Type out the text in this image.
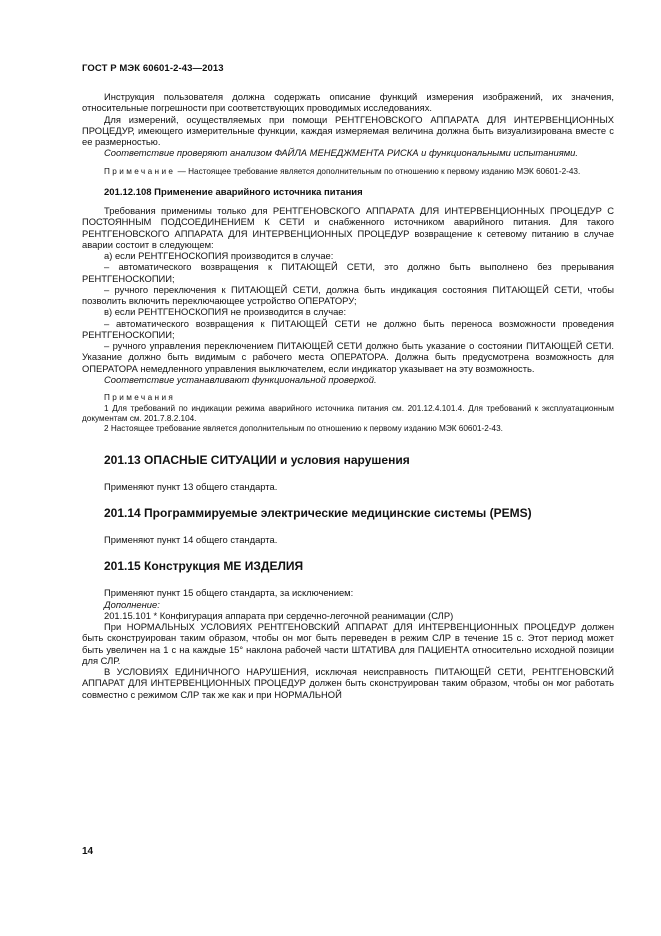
ГОСТ Р МЭК 60601-2-43—2013

Инструкция пользователя должна содержать описание функций измерения изображений, их значения, относительные погрешности при соответствующих проводимых исследованиях.

Для измерений, осуществляемых при помощи РЕНТГЕНОВСКОГО АППАРАТА ДЛЯ ИНТЕРВЕНЦИОННЫХ ПРОЦЕДУР, имеющего измерительные функции, каждая измеряемая величина должна быть визуализирована вместе с ее размерностью.

Соответствие проверяют анализом ФАЙЛА МЕНЕДЖМЕНТА РИСКА и функциональными испытаниями.

Примечание — Настоящее требование является дополнительным по отношению к первому изданию МЭК 60601-2-43.

201.12.108 Применение аварийного источника питания

Требования применимы только для РЕНТГЕНОВСКОГО АППАРАТА ДЛЯ ИНТЕРВЕНЦИОННЫХ ПРОЦЕДУР С ПОСТОЯННЫМ ПОДСОЕДИНЕНИЕМ К СЕТИ и снабженного источником аварийного питания. Для такого РЕНТГЕНОВСКОГО АППАРАТА ДЛЯ ИНТЕРВЕНЦИОННЫХ ПРОЦЕДУР возвращение к сетевому питанию в случае аварии состоит в следующем:

а) если РЕНТГЕНОСКОПИЯ производится в случае:

– автоматического возвращения к ПИТАЮЩЕЙ СЕТИ, это должно быть выполнено без прерывания РЕНТГЕНОСКОПИИ;

– ручного переключения к ПИТАЮЩЕЙ СЕТИ, должна быть индикация состояния ПИТАЮЩЕЙ СЕТИ, чтобы позволить включить переключающее устройство ОПЕРАТОРУ;

в) если РЕНТГЕНОСКОПИЯ не производится в случае:

– автоматического возвращения к ПИТАЮЩЕЙ СЕТИ не должно быть переноса возможности проведения РЕНТГЕНОСКОПИИ;

– ручного управления переключением ПИТАЮЩЕЙ СЕТИ должно быть указание о состоянии ПИТАЮЩЕЙ СЕТИ. Указание должно быть видимым с рабочего места ОПЕРАТОРА. Должна быть предусмотрена возможность для ОПЕРАТОРА немедленного управления выключателем, если индикатор указывает на эту возможность.

Соответствие устанавливают функциональной проверкой.

Примечания

1 Для требований по индикации режима аварийного источника питания см. 201.12.4.101.4. Для требований к эксплуатационным документам см. 201.7.8.2.104.

2 Настоящее требование является дополнительным по отношению к первому изданию МЭК 60601-2-43.

201.13 ОПАСНЫЕ СИТУАЦИИ и условия нарушения

Применяют пункт 13 общего стандарта.

201.14 Программируемые электрические медицинские системы (PEMS)

Применяют пункт 14 общего стандарта.

201.15 Конструкция МЕ ИЗДЕЛИЯ

Применяют пункт 15 общего стандарта, за исключением:

Дополнение:

201.15.101 * Конфигурация аппарата при сердечно-легочной реанимации (СЛР)

При НОРМАЛЬНЫХ УСЛОВИЯХ РЕНТГЕНОВСКИЙ АППАРАТ ДЛЯ ИНТЕРВЕНЦИОННЫХ ПРОЦЕДУР должен быть сконструирован таким образом, чтобы он мог быть переведен в режим СЛР в течение 15 с. Этот период может быть увеличен на 1 с на каждые 15° наклона рабочей части ШТАТИВА для ПАЦИЕНТА относительно исходной позиции для СЛР.

В УСЛОВИЯХ ЕДИНИЧНОГО НАРУШЕНИЯ, исключая неисправность ПИТАЮЩЕЙ СЕТИ, РЕНТГЕНОВСКИЙ АППАРАТ ДЛЯ ИНТЕРВЕНЦИОННЫХ ПРОЦЕДУР должен быть сконструирован таким образом, чтобы он мог работать совместно с режимом СЛР так же как и при НОРМАЛЬНОЙ

14
